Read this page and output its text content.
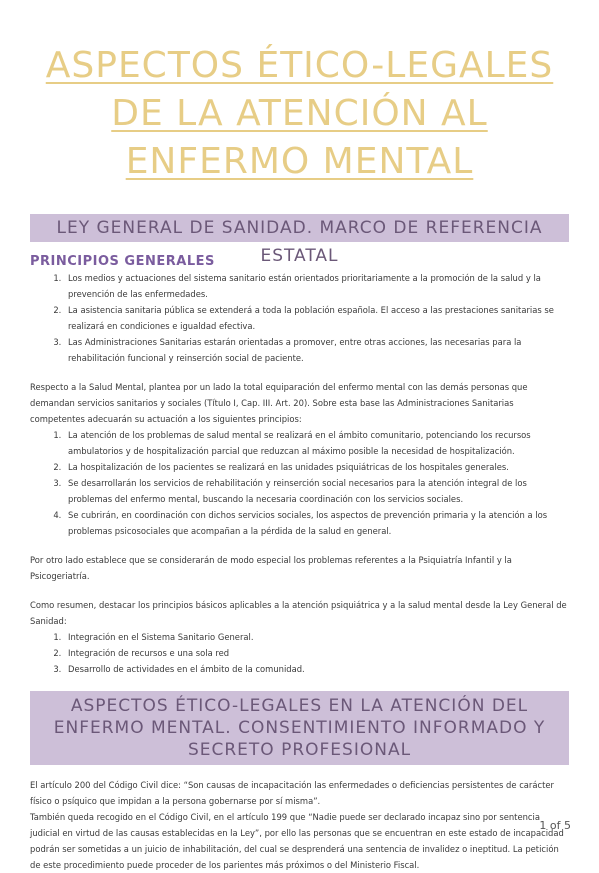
ASPECTOS ÉTICO-LEGALES DE LA ATENCIÓN AL ENFERMO MENTAL
LEY GENERAL DE SANIDAD. MARCO DE REFERENCIA ESTATAL
PRINCIPIOS GENERALES
1. Los medios y actuaciones del sistema sanitario están orientados prioritariamente a la promoción de la salud y la prevención de las enfermedades.
2. La asistencia sanitaria pública se extenderá a toda la población española. El acceso a las prestaciones sanitarias se realizará en condiciones e igualdad efectiva.
3. Las Administraciones Sanitarias estarán orientadas a promover, entre otras acciones, las necesarias para la rehabilitación funcional y reinserción social de paciente.

Respecto a la Salud Mental, plantea por un lado la total equiparación del enfermo mental con las demás personas que demandan servicios sanitarios y sociales (Título I, Cap. III. Art. 20). Sobre esta base las Administraciones Sanitarias competentes adecuarán su actuación a los siguientes principios:

1. La atención de los problemas de salud mental se realizará en el ámbito comunitario, potenciando los recursos ambulatorios y de hospitalización parcial que reduzcan al máximo posible la necesidad de hospitalización.
2. La hospitalización de los pacientes se realizará en las unidades psiquiátricas de los hospitales generales.
3. Se desarrollarán los servicios de rehabilitación y reinserción social necesarios para la atención integral de los problemas del enfermo mental, buscando la necesaria coordinación con los servicios sociales.
4. Se cubrirán, en coordinación con dichos servicios sociales, los aspectos de prevención primaria y la atención a los problemas psicosociales que acompañan a la pérdida de la salud en general.

Por otro lado establece que se considerarán de modo especial los problemas referentes a la Psiquiatría Infantil y la Psicogeriatría.

Como resumen, destacar los principios básicos aplicables a la atención psiquiátrica y a la salud mental desde la Ley General de Sanidad:

1. Integración en el Sistema Sanitario General.
2. Integración de recursos e una sola red
3. Desarrollo de actividades en el ámbito de la comunidad.
ASPECTOS ÉTICO-LEGALES EN LA ATENCIÓN DEL ENFERMO MENTAL. CONSENTIMIENTO INFORMADO Y SECRETO PROFESIONAL

El artículo 200 del Código Civil dice: “Son causas de incapacitación las enfermedades o deficiencias persistentes de carácter físico o psíquico que impidan a la persona gobernarse por sí misma”.

También queda recogido en el Código Civil, en el artículo 199 que “Nadie puede ser declarado incapaz sino por sentencia judicial en virtud de las causas establecidas en la Ley”, por ello las personas que se encuentran en este estado de incapacidad podrán ser sometidas a un juicio de inhabilitación, del cual se desprenderá una sentencia de invalidez o ineptitud. La petición de este procedimiento puede proceder de los parientes más próximos o del Ministerio Fiscal.

1 of 5
